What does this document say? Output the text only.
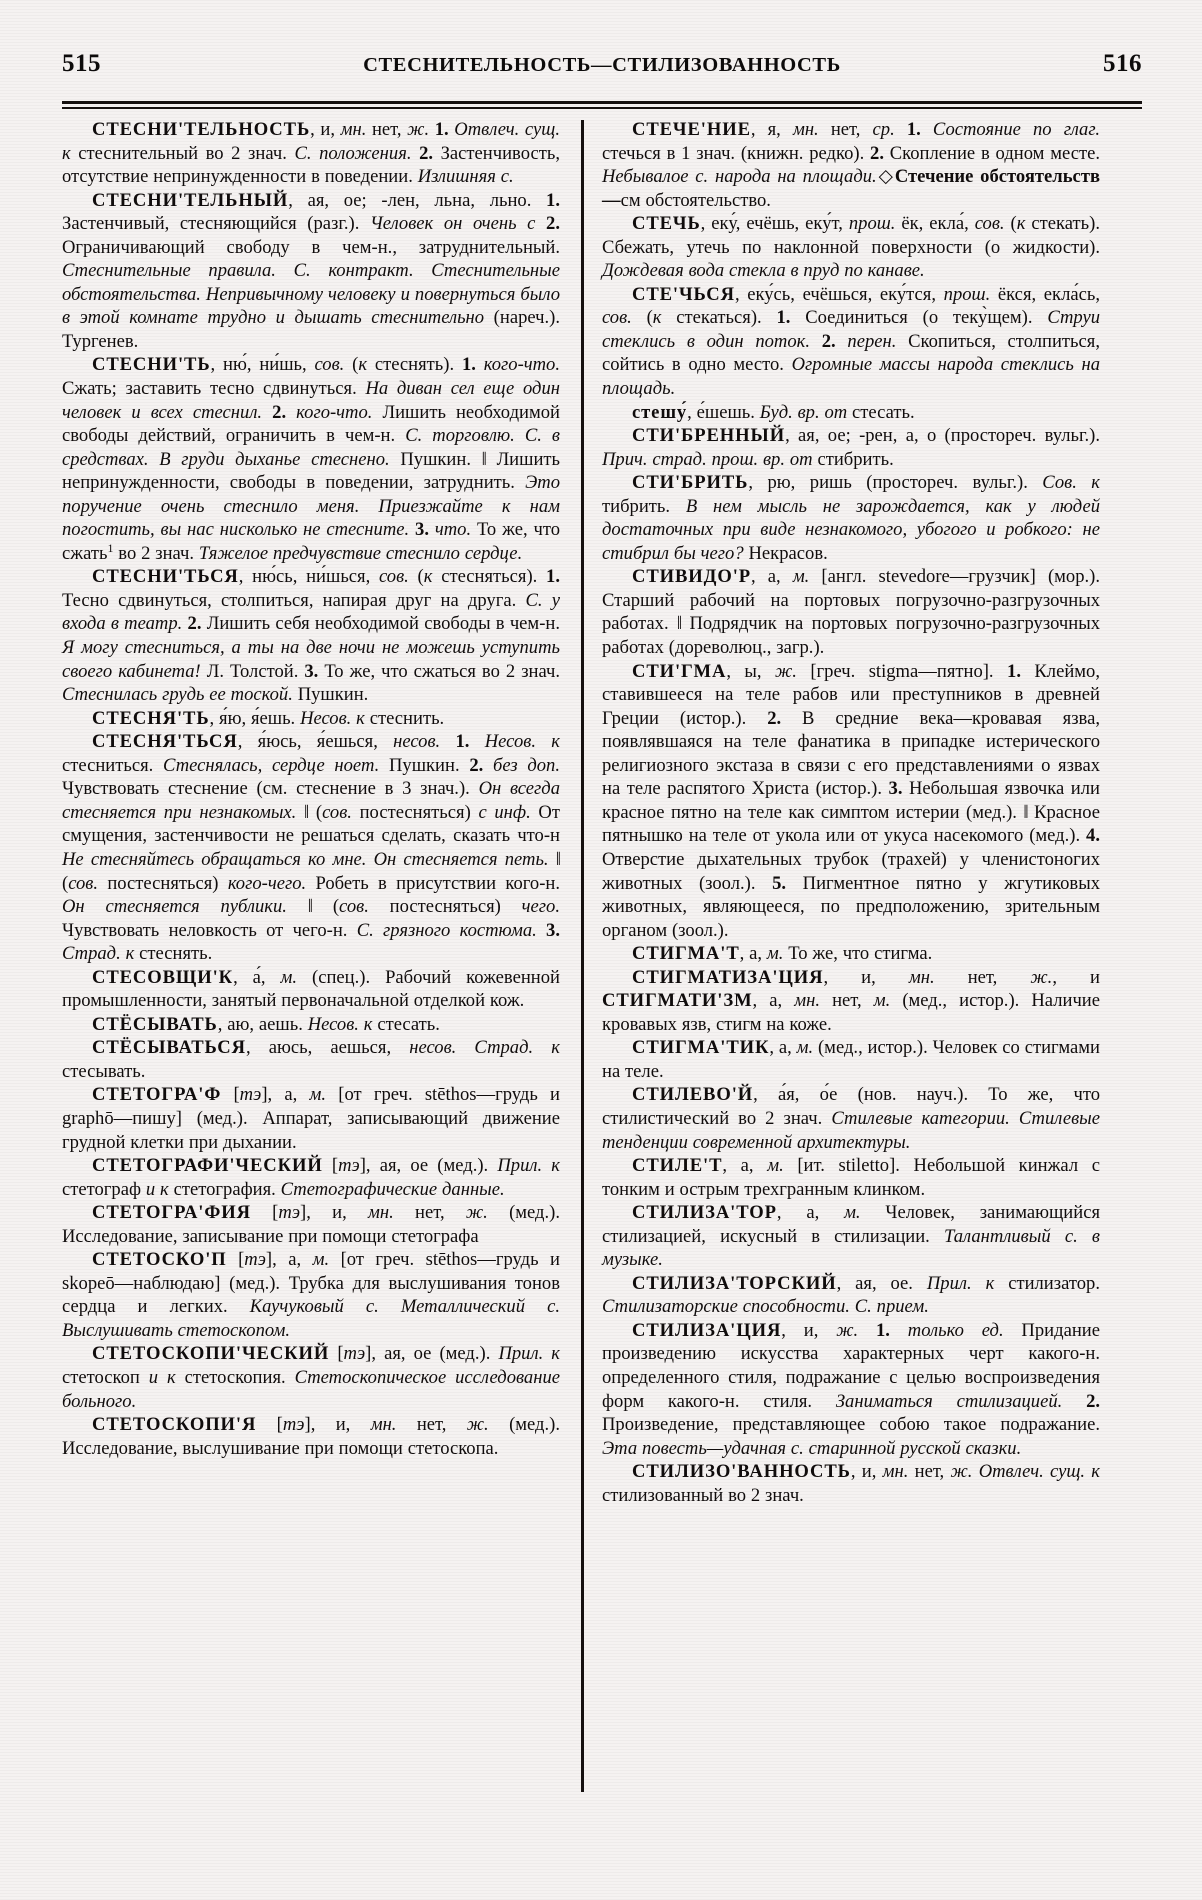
515	СТЕСНИТЕЛЬНОСТЬ—СТИЛИЗОВАННОСТЬ	516

СТЕСНИ'ТЕЛЬНОСТЬ, и, мн. нет, ж. 1. Отвлеч. сущ. к стеснительный во 2 знач. С. положения. 2. Застенчивость, отсутствие непринужденности в поведении. Излишняя с.

СТЕСНИ'ТЕЛЬНЫЙ, ая, ое; -лен, льна, льно. 1. Застенчивый, стесняющийся (разг.). Человек он очень с 2. Ограничивающий свободу в чем-н., затруднительный. Стеснительные правила. С. контракт. Стеснительные обстоятельства. Непривычному человеку и повернуться было в этой комнате трудно и дышать стеснительно (нареч.). Тургенев.

СТЕСНИ'ТЬ, ню́, ни́шь, сов. (к стеснять). 1. кого-что. Сжать; заставить тесно сдвинуться. На диван сел еще один человек и всех стеснил. 2. кого-что. Лишить необходимой свободы действий, ограничить в чем-н. С. торговлю. С. в средствах. В груди дыханье стеснено. Пушкин. ‖ Лишить непринужденности, свободы в поведении, затруднить. Это поручение очень стеснило меня. Приезжайте к нам погостить, вы нас нисколько не стесните. 3. что. То же, что сжать$^1$ во 2 знач. Тяжелое предчувствие стеснило сердце.

СТЕСНИ'ТЬСЯ, ню́сь, ни́шься, сов. (к стесняться). 1. Тесно сдвинуться, столпиться, напирая друг на друга. С. у входа в театр. 2. Лишить себя необходимой свободы в чем-н. Я могу стесниться, а ты на две ночи не можешь уступить своего кабинета! Л. Толстой. 3. То же, что сжаться во 2 знач. Стеснилась грудь ее тоской. Пушкин.

СТЕСНЯ'ТЬ, я́ю, я́ешь. Несов. к стеснить.

СТЕСНЯ'ТЬСЯ, я́юсь, я́ешься, несов. 1. Несов. к стесниться. Стеснялась, сердце ноет. Пушкин. 2. без доп. Чувствовать стеснение (см. стеснение в 3 знач.). Он всегда стесняется при незнакомых. ‖ (сов. постесняться) с инф. От смущения, застенчивости не решаться сделать, сказать что-н Не стесняйтесь обращаться ко мне. Он стесняется петь. ‖ (сов. постесняться) кого-чего. Робеть в присутствии кого-н. Он стесняется публики. ‖ (сов. постесняться) чего. Чувствовать неловкость от чего-н. С. грязного костюма. 3. Страд. к стеснять.

СТЕСОВЩИ'К, а́, м. (спец.). Рабочий кожевенной промышленности, занятый первоначальной отделкой кож.

СТЁСЫВАТЬ, аю, аешь. Несов. к стесать.

СТЁСЫВАТЬСЯ, аюсь, аешься, несов. Страд. к стесывать.

СТЕТОГРА'Ф [тэ], а, м. [от греч. stēthos—грудь и graphō—пишу] (мед.). Аппарат, записывающий движение грудной клетки при дыхании.

СТЕТОГРАФИ'ЧЕСКИЙ [тэ], ая, ое (мед.). Прил. к стетограф и к стетография. Стетографические данные.

СТЕТОГРА'ФИЯ [тэ], и, мн. нет, ж. (мед.). Исследование, записывание при помощи стетографа

СТЕТОСКО'П [тэ], а, м. [от греч. stēthos—грудь и skopeō—наблюдаю] (мед.). Трубка для выслушивания тонов сердца и легких. Каучуковый с. Металлический с. Выслушивать стетоскопом.

СТЕТОСКОПИ'ЧЕСКИЙ [тэ], ая, ое (мед.). Прил. к стетоскоп и к стетоскопия. Стетоскопическое исследование больного.

СТЕТОСКОПИ'Я [тэ], и, мн. нет, ж. (мед.). Исследование, выслушивание при помощи стетоскопа.

СТЕЧЕ'НИЕ, я, мн. нет, ср. 1. Состояние по глаг. стечься в 1 знач. (книжн. редко). 2. Скопление в одном месте. Небывалое с. народа на площади.◇Стечение обстоятельств—см обстоятельство.

СТЕЧЬ, еку́, ечёшь, еку́т, прош. ёк, екла́, сов. (к стекать). Сбежать, утечь по наклонной поверхности (о жидкости). Дождевая вода стекла в пруд по канаве.

СТЕ'ЧЬСЯ, еку́сь, ечёшься, еку́тся, прош. ёкся, екла́сь, сов. (к стекаться). 1. Соединиться (о теку̀щем). Струи стеклись в один поток. 2. перен. Скопиться, столпиться, сойтись в одно место. Огромные массы народа стеклись на площадь.

стешу́, е́шешь. Буд. вр. от стесать.

СТИ'БРЕННЫЙ, ая, ое; -рен, а, о (простореч. вульг.). Прич. страд. прош. вр. от стибрить.

СТИ'БРИТЬ, рю, ришь (простореч. вульг.). Сов. к тибрить. В нем мысль не зарождается, как у людей достаточных при виде незнакомого, убогого и робкого: не стибрил бы чего? Некрасов.

СТИВИДО'Р, а, м. [англ. stevedore—грузчик] (мор.). Старший рабочий на портовых погрузочно-разгрузочных работах. ‖ Подрядчик на портовых погрузочно-разгрузочных работах (дореволюц., загр.).

СТИ'ГМА, ы, ж. [греч. stigma—пятно]. 1. Клеймо, ставившееся на теле рабов или преступников в древней Греции (истор.). 2. В средние века—кровавая язва, появлявшаяся на теле фанатика в припадке истерического религиозного экстаза в связи с его представлениями о язвах на теле распятого Христа (истор.). 3. Небольшая язвочка или красное пятно на теле как симптом истерии (мед.). ‖ Красное пятнышко на теле от укола или от укуса насекомого (мед.). 4. Отверстие дыхательных трубок (трахей) у членистоногих животных (зоол.). 5. Пигментное пятно у жгутиковых животных, являющееся, по предположению, зрительным органом (зоол.).

СТИГМА'Т, а, м. То же, что стигма.

СТИГМАТИЗА'ЦИЯ, и, мн. нет, ж., и СТИГМАТИ'ЗМ, а, мн. нет, м. (мед., истор.). Наличие кровавых язв, стигм на коже.

СТИГМА'ТИК, а, м. (мед., истор.). Человек со стигмами на теле.

СТИЛЕВО'Й, а́я, о́е (нов. науч.). То же, что стилистический во 2 знач. Стилевые категории. Стилевые тенденции современной архитектуры.

СТИЛЕ'Т, а, м. [ит. stiletto]. Небольшой кинжал с тонким и острым трехгранным клинком.

СТИЛИЗА'ТОР, а, м. Человек, занимающийся стилизацией, искусный в стилизации. Талантливый с. в музыке.

СТИЛИЗА'ТОРСКИЙ, ая, ое. Прил. к стилизатор. Стилизаторские способности. С. прием.

СТИЛИЗА'ЦИЯ, и, ж. 1. только ед. Придание произведению искусства характерных черт какого-н. определенного стиля, подражание с целью воспроизведения форм какого-н. стиля. Заниматься стилизацией. 2. Произведение, представляющее собою такое подражание. Эта повесть—удачная с. старинной русской сказки.

СТИЛИЗО'ВАННОСТЬ, и, мн. нет, ж. Отвлеч. сущ. к стилизованный во 2 знач.
